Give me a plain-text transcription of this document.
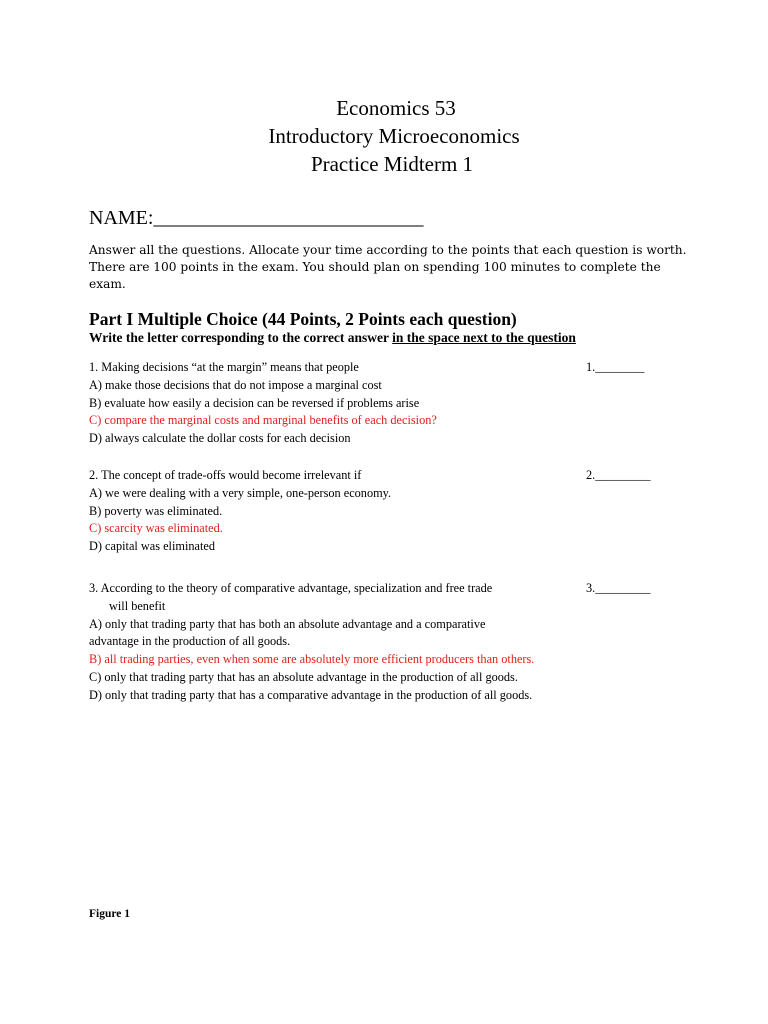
Economics 53

Introductory Microeconomics

Practice Midterm 1

NAME:___________________________
Answer all the questions. Allocate your time according to the points that each question is worth. There are 100 points in the exam. You should plan on spending 100 minutes to complete the exam.
Part I Multiple Choice (44 Points, 2 Points each question)
Write the letter corresponding to the correct answer in the space next to the question
1. Making decisions “at the margin” means that people	1.________
A) make those decisions that do not impose a marginal cost
B) evaluate how easily a decision can be reversed if problems arise
C) compare the marginal costs and marginal benefits of each decision?
D) always calculate the dollar costs for each decision
2. The concept of trade-offs would become irrelevant if	2._________
A) we were dealing with a very simple, one-person economy.
B) poverty was eliminated.
C) scarcity was eliminated.
D) capital was eliminated
3. According to the theory of comparative advantage, specialization and free trade	3._________
will benefit
A) only that trading party that has both an absolute advantage and a comparative
advantage in the production of all goods.
B) all trading parties, even when some are absolutely more efficient producers than others.
C) only that trading party that has an absolute advantage in the production of all goods.
D) only that trading party that has a comparative advantage in the production of all goods.
Figure 1
